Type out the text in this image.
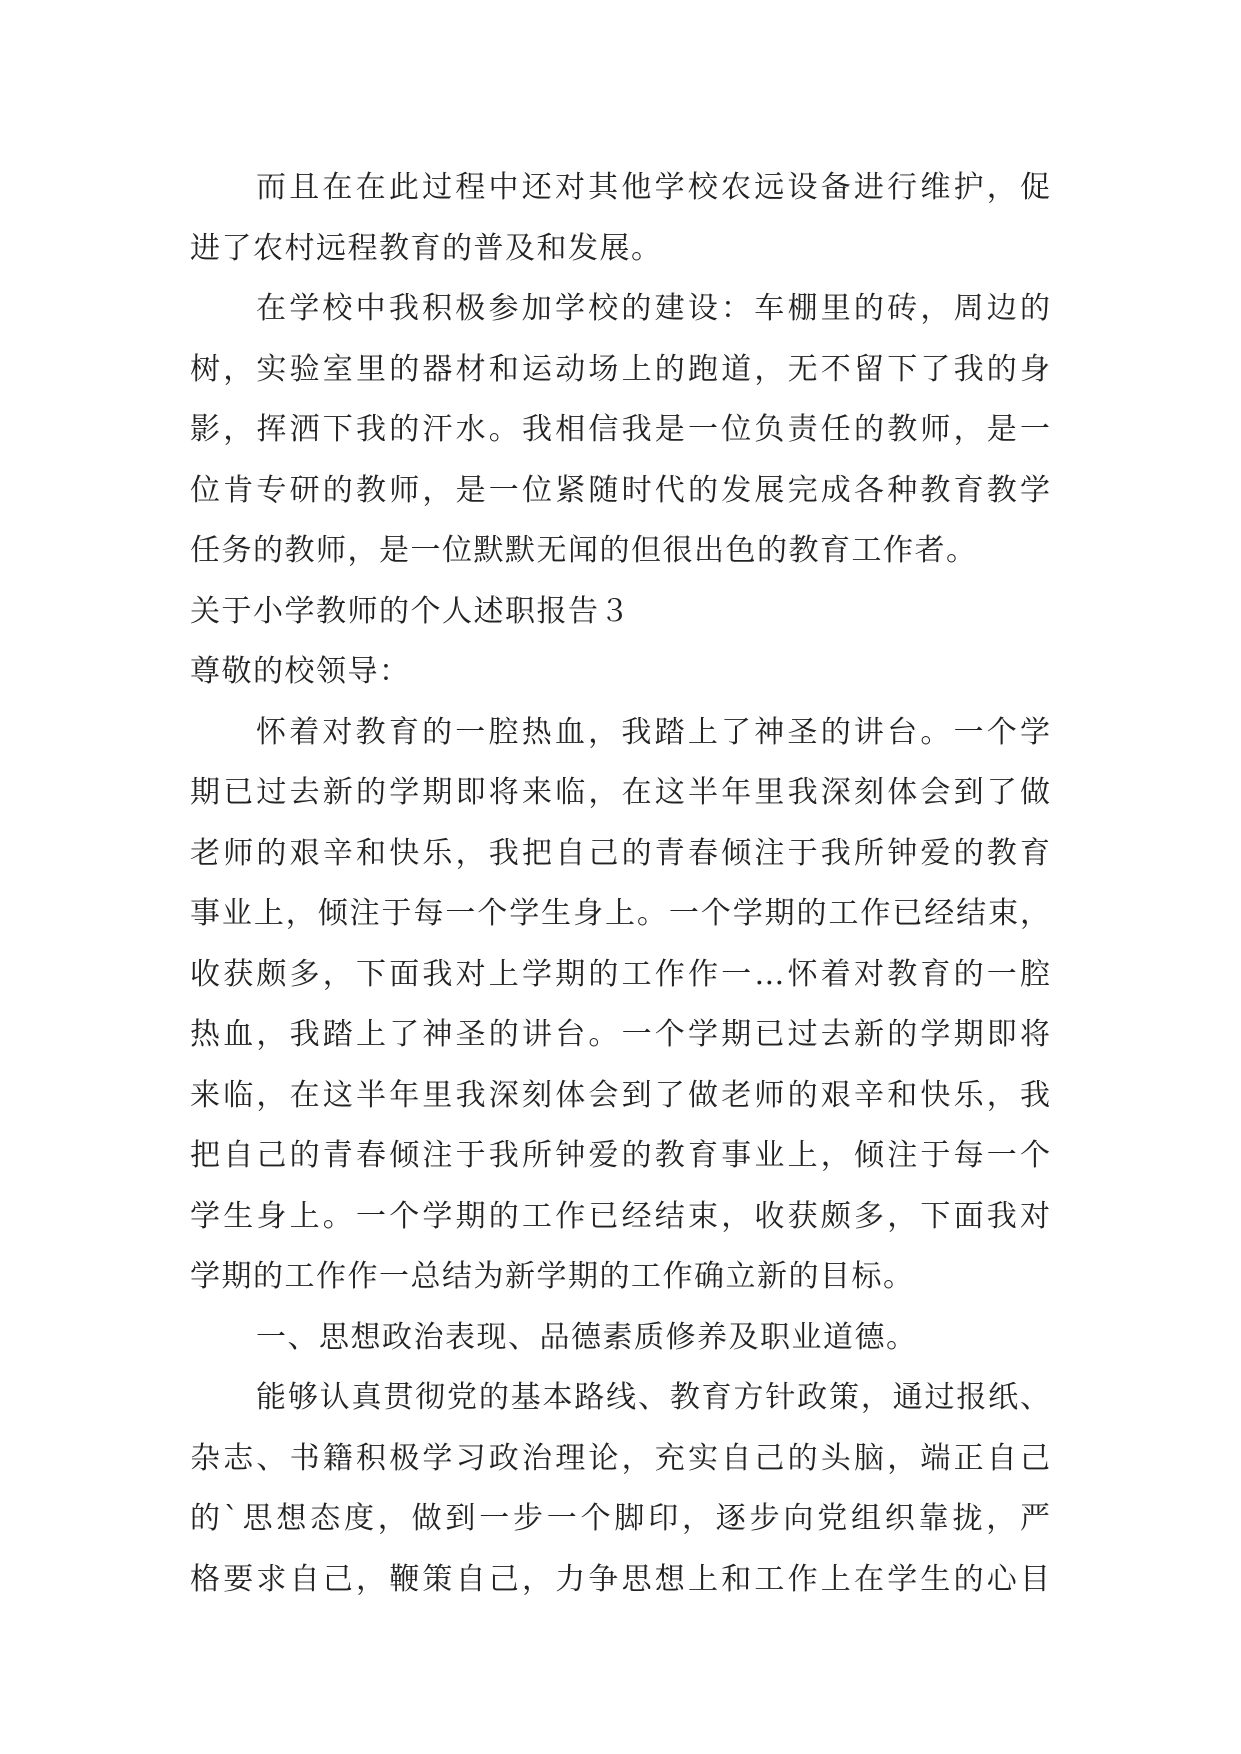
而且在在此过程中还对其他学校农远设备进行维护，促
进了农村远程教育的普及和发展。
在学校中我积极参加学校的建设：车棚里的砖，周边的
树，实验室里的器材和运动场上的跑道，无不留下了我的身
影，挥洒下我的汗水。我相信我是一位负责任的教师，是一
位肯专研的教师，是一位紧随时代的发展完成各种教育教学
任务的教师，是一位默默无闻的但很出色的教育工作者。
关于小学教师的个人述职报告３
尊敬的校领导：
怀着对教育的一腔热血，我踏上了神圣的讲台。一个学
期已过去新的学期即将来临，在这半年里我深刻体会到了做
老师的艰辛和快乐，我把自己的青春倾注于我所钟爱的教育
事业上，倾注于每一个学生身上。一个学期的工作已经结束，
收获颇多，下面我对上学期的工作作一…怀着对教育的一腔
热血，我踏上了神圣的讲台。一个学期已过去新的学期即将
来临，在这半年里我深刻体会到了做老师的艰辛和快乐，我
把自己的青春倾注于我所钟爱的教育事业上，倾注于每一个
学生身上。一个学期的工作已经结束，收获颇多，下面我对
学期的工作作一总结为新学期的工作确立新的目标。
一、思想政治表现、品德素质修养及职业道德。
能够认真贯彻党的基本路线、教育方针政策，通过报纸、
杂志、书籍积极学习政治理论，充实自己的头脑，端正自己
的`思想态度，做到一步一个脚印，逐步向党组织靠拢，严
格要求自己，鞭策自己，力争思想上和工作上在学生的心目
